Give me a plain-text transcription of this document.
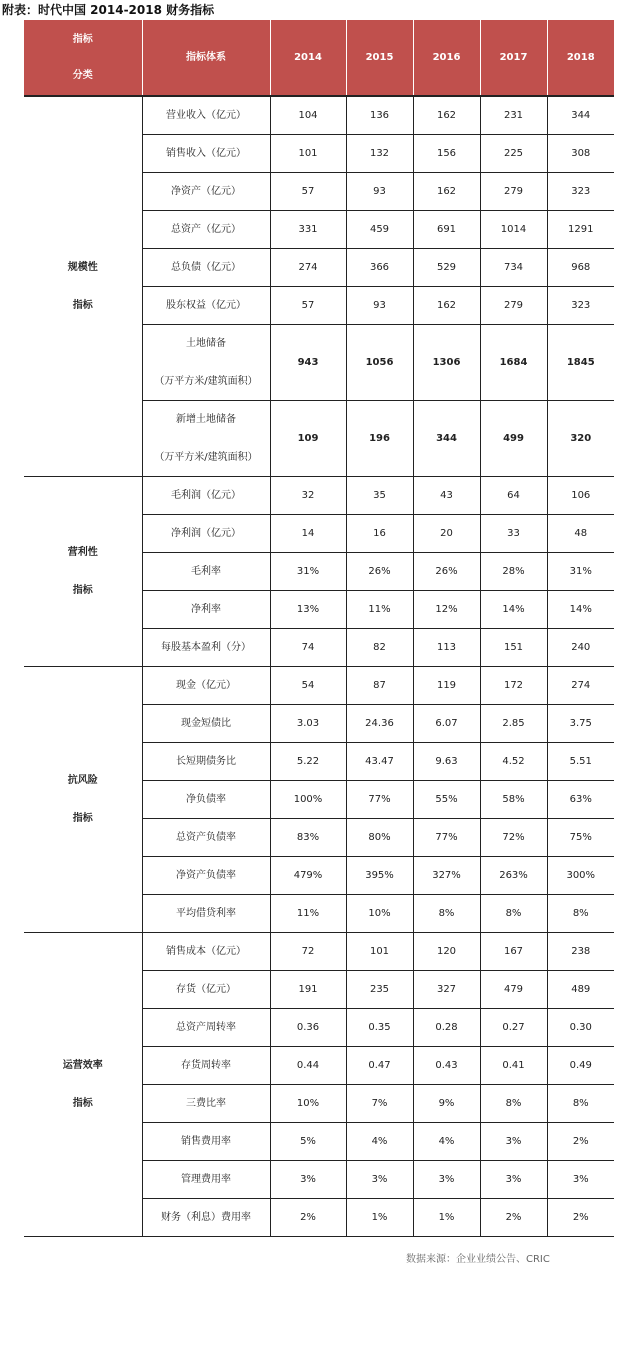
附表：时代中国 2014-2018 财务指标
指标
分类	指标体系	2014	2015	2016	2017	2018

规模性
指标	营业收入（亿元）	104	136	162	231	344

	销售收入（亿元）	101	132	156	225	308

	净资产（亿元）	57	93	162	279	323

	总资产（亿元）	331	459	691	1014	1291

	总负债（亿元）	274	366	529	734	968

	股东权益（亿元）	57	93	162	279	323

	土地储备
（万平方米/建筑面积）	943	1056	1306	1684	1845

	新增土地储备
（万平方米/建筑面积）	109	196	344	499	320

营利性
指标	毛利润（亿元）	32	35	43	64	106

	净利润（亿元）	14	16	20	33	48

	毛利率	31%	26%	26%	28%	31%

	净利率	13%	11%	12%	14%	14%

	每股基本盈利（分）	74	82	113	151	240

抗风险
指标	现金（亿元）	54	87	119	172	274

	现金短债比	3.03	24.36	6.07	2.85	3.75

	长短期债务比	5.22	43.47	9.63	4.52	5.51

	净负债率	100%	77%	55%	58%	63%

	总资产负债率	83%	80%	77%	72%	75%

	净资产负债率	479%	395%	327%	263%	300%

	平均借贷利率	11%	10%	8%	8%	8%

运营效率
指标	销售成本（亿元）	72	101	120	167	238

	存货（亿元）	191	235	327	479	489

	总资产周转率	0.36	0.35	0.28	0.27	0.30

	存货周转率	0.44	0.47	0.43	0.41	0.49

	三费比率	10%	7%	9%	8%	8%

	销售费用率	5%	4%	4%	3%	2%

	管理费用率	3%	3%	3%	3%	3%

	财务（利息）费用率	2%	1%	1%	2%	2%
数据来源：企业业绩公告、CRIC
